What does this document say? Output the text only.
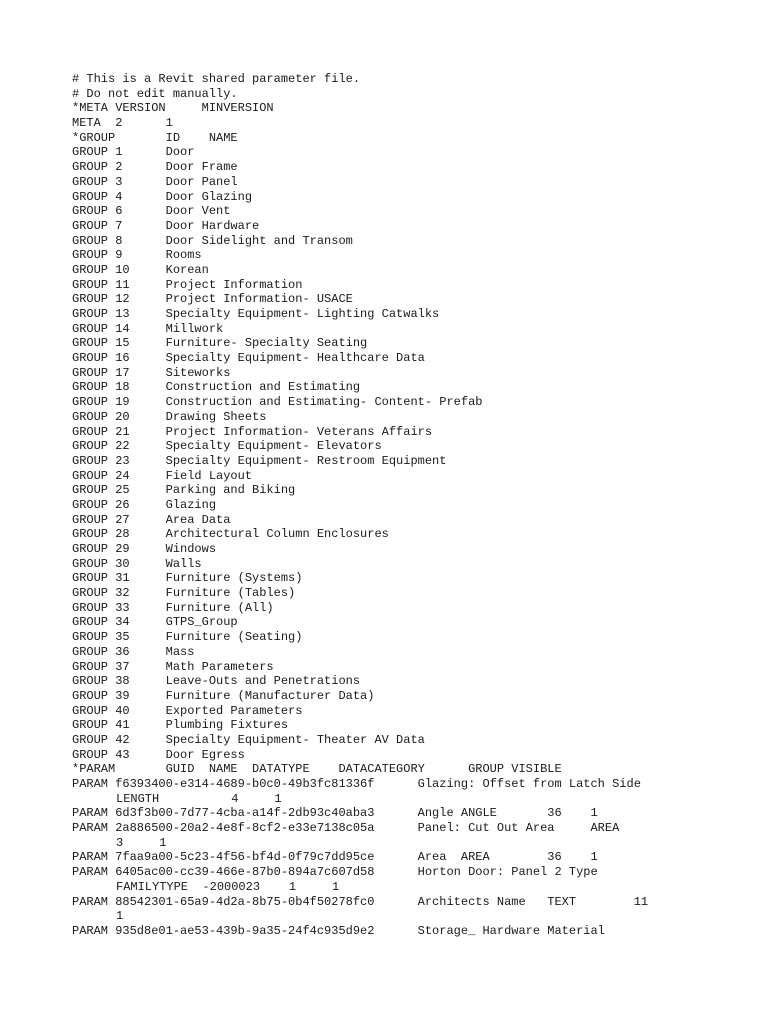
# This is a Revit shared parameter file.
# Do not edit manually.
*META VERSION     MINVERSION
META  2      1
*GROUP       ID    NAME
GROUP 1      Door
GROUP 2      Door Frame
GROUP 3      Door Panel
GROUP 4      Door Glazing
GROUP 6      Door Vent
GROUP 7      Door Hardware
GROUP 8      Door Sidelight and Transom
GROUP 9      Rooms
GROUP 10     Korean
GROUP 11     Project Information
GROUP 12     Project Information- USACE
GROUP 13     Specialty Equipment- Lighting Catwalks
GROUP 14     Millwork
GROUP 15     Furniture- Specialty Seating
GROUP 16     Specialty Equipment- Healthcare Data
GROUP 17     Siteworks
GROUP 18     Construction and Estimating
GROUP 19     Construction and Estimating- Content- Prefab
GROUP 20     Drawing Sheets
GROUP 21     Project Information- Veterans Affairs
GROUP 22     Specialty Equipment- Elevators
GROUP 23     Specialty Equipment- Restroom Equipment
GROUP 24     Field Layout
GROUP 25     Parking and Biking
GROUP 26     Glazing
GROUP 27     Area Data
GROUP 28     Architectural Column Enclosures
GROUP 29     Windows
GROUP 30     Walls
GROUP 31     Furniture (Systems)
GROUP 32     Furniture (Tables)
GROUP 33     Furniture (All)
GROUP 34     GTPS_Group
GROUP 35     Furniture (Seating)
GROUP 36     Mass
GROUP 37     Math Parameters
GROUP 38     Leave-Outs and Penetrations
GROUP 39     Furniture (Manufacturer Data)
GROUP 40     Exported Parameters
GROUP 41     Plumbing Fixtures
GROUP 42     Specialty Equipment- Theater AV Data
GROUP 43     Door Egress
*PARAM       GUID  NAME  DATATYPE    DATACATEGORY      GROUP VISIBLE
PARAM f6393400-e314-4689-b0c0-49b3fc81336f      Glazing: Offset from Latch Side
LENGTH          4     1
PARAM 6d3f3b00-7d77-4cba-a14f-2db93c40aba3      Angle ANGLE       36    1
PARAM 2a886500-20a2-4e8f-8cf2-e33e7138c05a      Panel: Cut Out Area     AREA
3     1
PARAM 7faa9a00-5c23-4f56-bf4d-0f79c7dd95ce      Area  AREA        36    1
PARAM 6405ac00-cc39-466e-87b0-894a7c607d58      Horton Door: Panel 2 Type
FAMILYTYPE  -2000023    1     1
PARAM 88542301-65a9-4d2a-8b75-0b4f50278fc0      Architects Name   TEXT        11
1
PARAM 935d8e01-ae53-439b-9a35-24f4c935d9e2      Storage_ Hardware Material
